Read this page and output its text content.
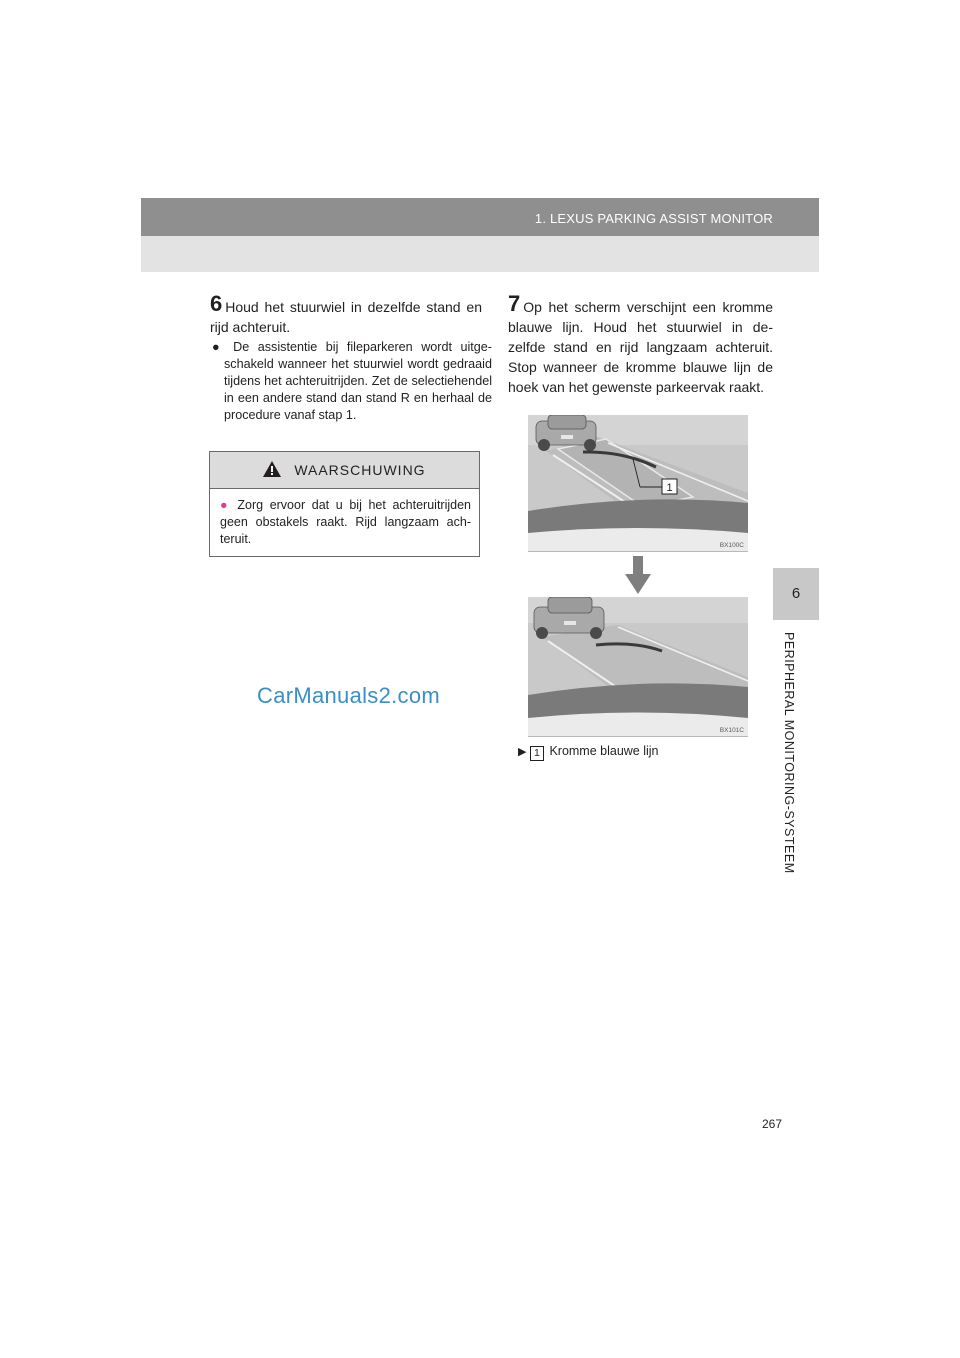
1. LEXUS PARKING ASSIST MONITOR
6
PERIPHERAL MONITORING-SYSTEEM
6 Houd het stuurwiel in dezelfde stand en rijd achteruit.
● De assistentie bij fileparkeren wordt uitge-schakeld wanneer het stuurwiel wordt gedraaid tijdens het achteruitrijden. Zet de selectiehendel in een andere stand dan stand R en herhaal de procedure vanaf stap 1.
WAARSCHUWING
● Zorg ervoor dat u bij het achteruitrijden geen obstakels raakt. Rijd langzaam ach-teruit.
CarManuals2.com
7 Op het scherm verschijnt een kromme blauwe lijn. Houd het stuurwiel in de-zelfde stand en rijd langzaam achteruit. Stop wanneer de kromme blauwe lijn de hoek van het gewenste parkeervak raakt.
1
BX100C
BX101C
▶ 1 Kromme blauwe lijn
267
